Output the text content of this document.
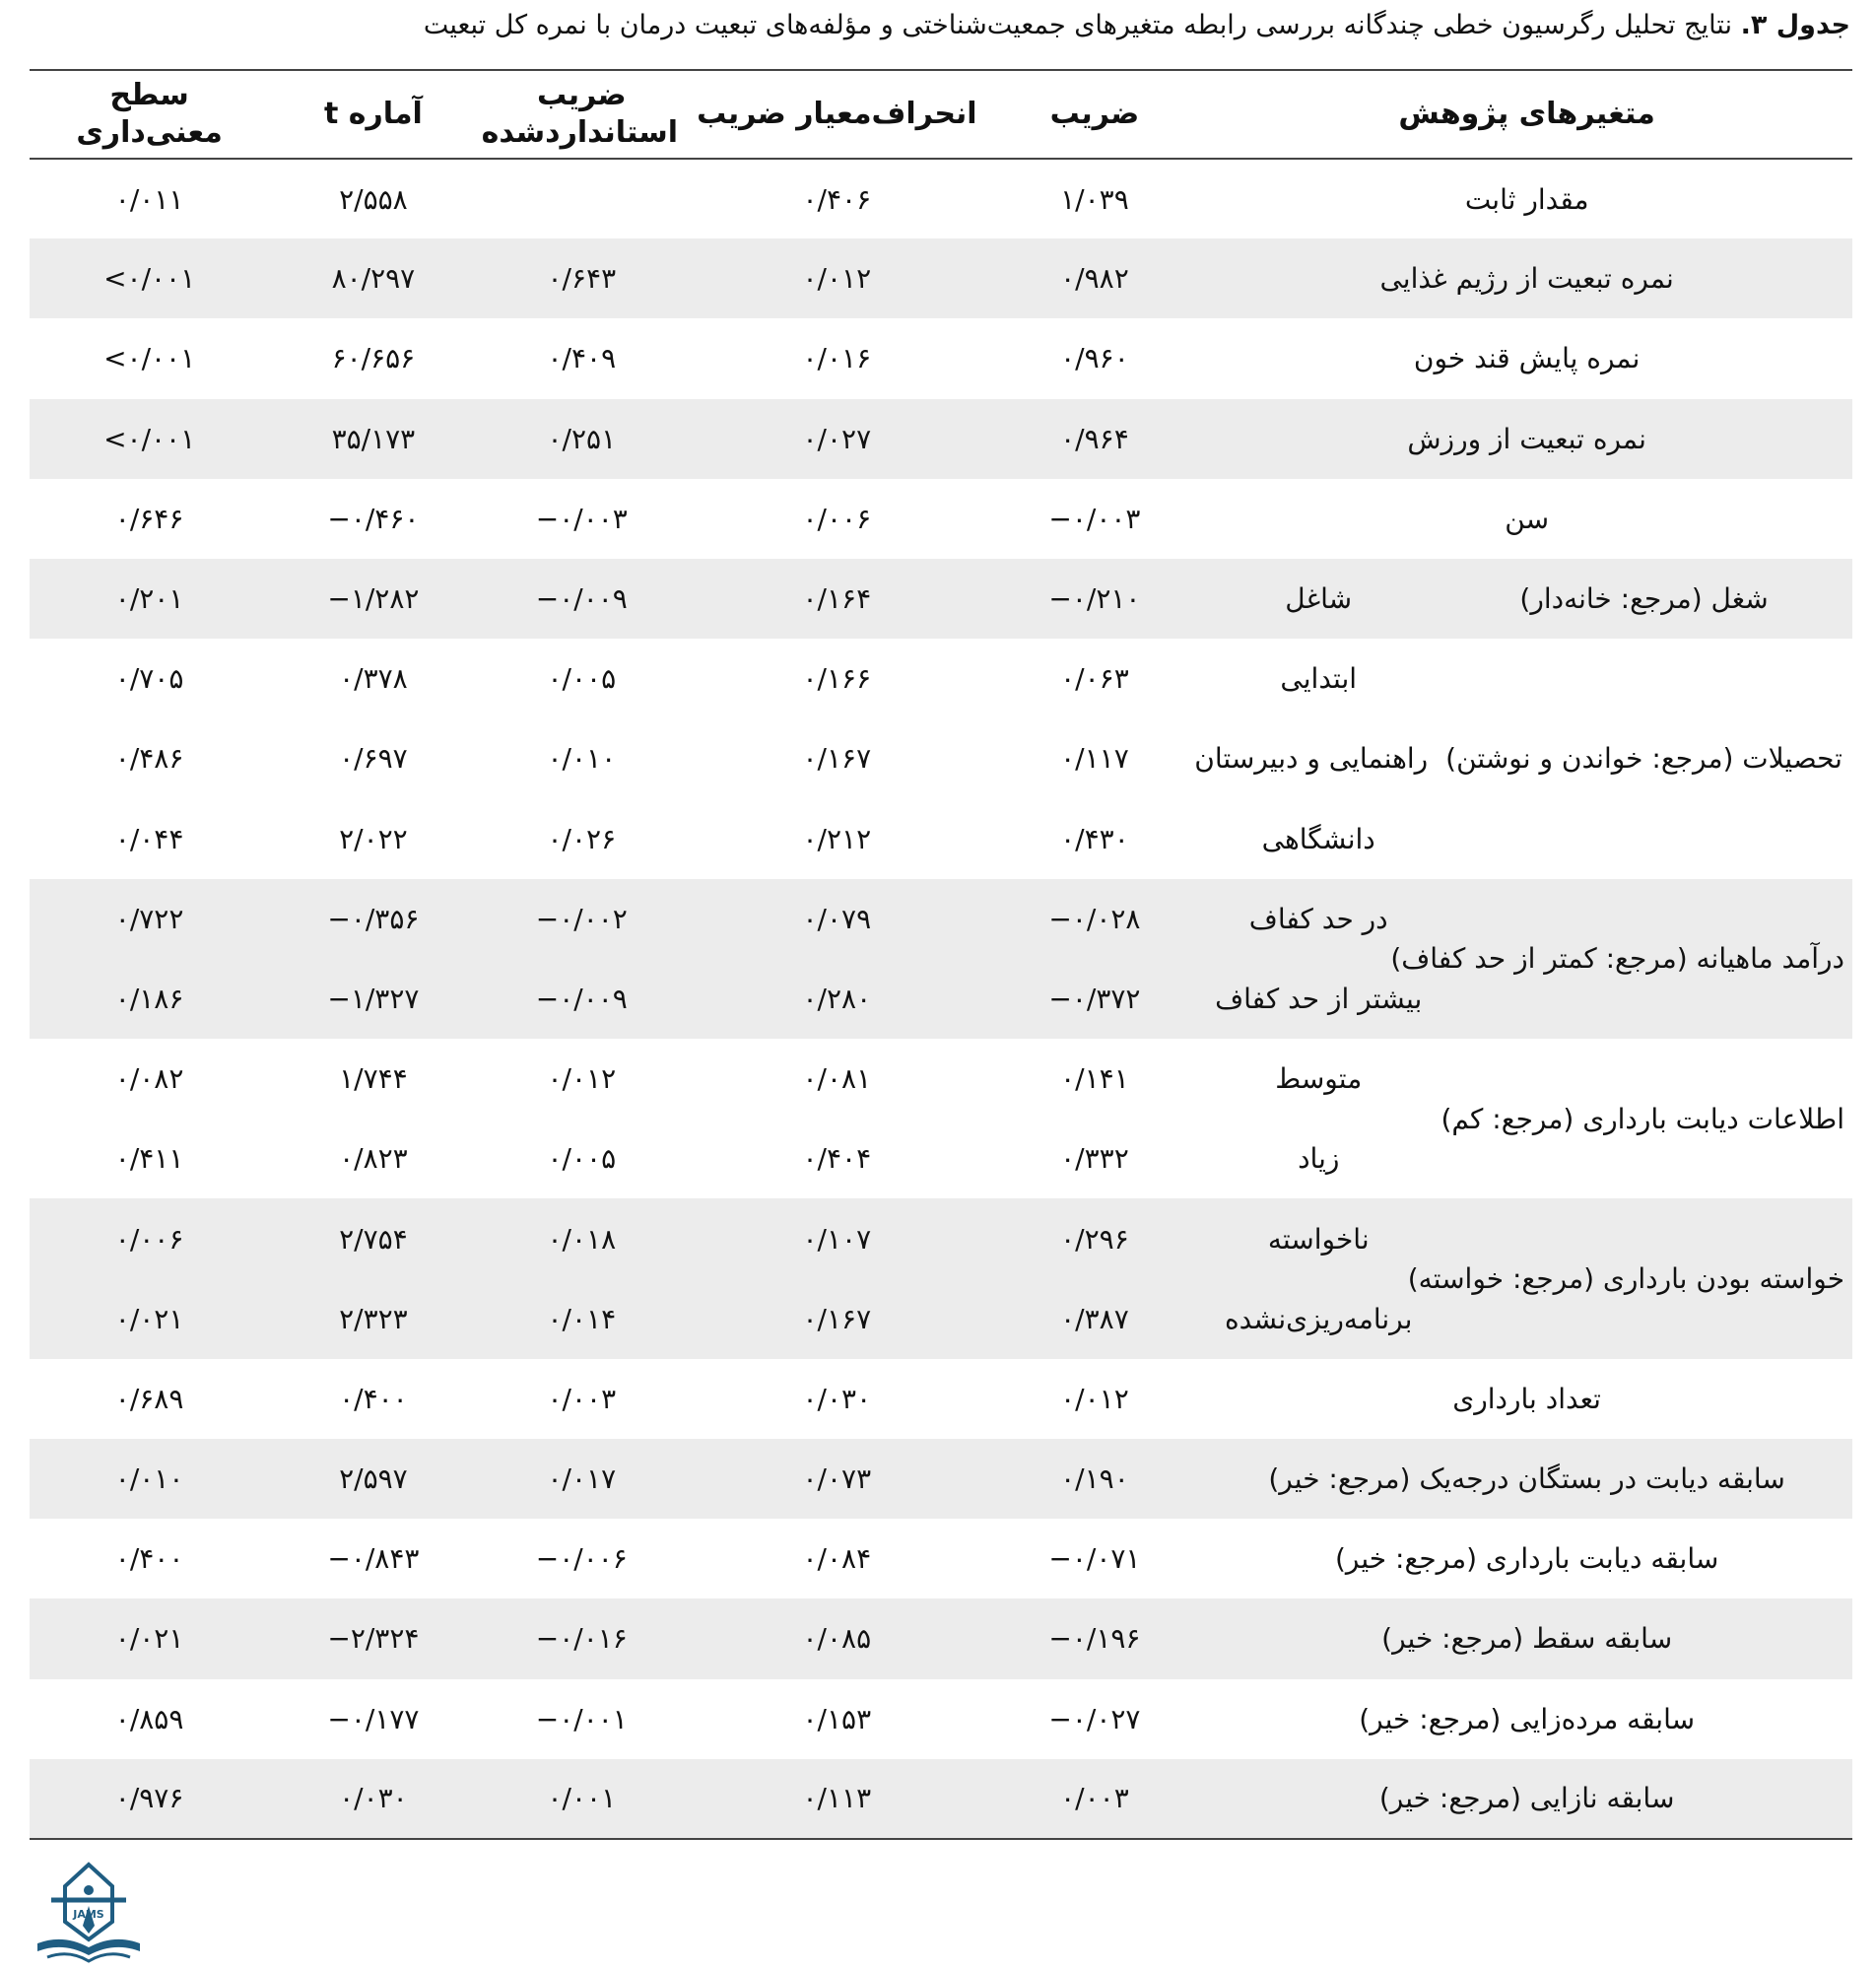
جدول ۳. نتایج تحلیل رگرسیون خطی چندگانه بررسی رابطه متغیرهای جمعیت‌شناختی و مؤلفه‌های تبعیت درمان با نمره کل تبعیت
متغیرهای پژوهش		ضریب	انحراف‌معیار ضریب	ضریب
استانداردشده	آماره t	سطح معنی‌داری
مقدار ثابت		۱/۰۳۹	۰/۴۰۶		۲/۵۵۸	۰/۰۱۱
نمره تبعیت از رژیم غذایی		۰/۹۸۲	۰/۰۱۲	۰/۶۴۳	۸۰/۲۹۷	<۰/۰۰۱
نمره پایش قند خون		۰/۹۶۰	۰/۰۱۶	۰/۴۰۹	۶۰/۶۵۶	<۰/۰۰۱
نمره تبعیت از ورزش		۰/۹۶۴	۰/۰۲۷	۰/۲۵۱	۳۵/۱۷۳	<۰/۰۰۱
سن		−۰/۰۰۳	۰/۰۰۶	−۰/۰۰۳	−۰/۴۶۰	۰/۶۴۶
شغل (مرجع: خانه‌دار)	شاغل	−۰/۲۱۰	۰/۱۶۴	−۰/۰۰۹	−۱/۲۸۲	۰/۲۰۱
تحصیلات (مرجع: خواندن و نوشتن)	ابتدایی	۰/۰۶۳	۰/۱۶۶	۰/۰۰۵	۰/۳۷۸	۰/۷۰۵
	راهنمایی و دبیرستان	۰/۱۱۷	۰/۱۶۷	۰/۰۱۰	۰/۶۹۷	۰/۴۸۶
	دانشگاهی	۰/۴۳۰	۰/۲۱۲	۰/۰۲۶	۲/۰۲۲	۰/۰۴۴
درآمد ماهیانه (مرجع: کمتر از حد کفاف)	در حد کفاف	−۰/۰۲۸	۰/۰۷۹	−۰/۰۰۲	−۰/۳۵۶	۰/۷۲۲
	بیشتر از حد کفاف	−۰/۳۷۲	۰/۲۸۰	−۰/۰۰۹	−۱/۳۲۷	۰/۱۸۶
اطلاعات دیابت بارداری (مرجع: کم)	متوسط	۰/۱۴۱	۰/۰۸۱	۰/۰۱۲	۱/۷۴۴	۰/۰۸۲
	زیاد	۰/۳۳۲	۰/۴۰۴	۰/۰۰۵	۰/۸۲۳	۰/۴۱۱
خواسته بودن بارداری (مرجع: خواسته)	ناخواسته	۰/۲۹۶	۰/۱۰۷	۰/۰۱۸	۲/۷۵۴	۰/۰۰۶
	برنامه‌ریزی‌نشده	۰/۳۸۷	۰/۱۶۷	۰/۰۱۴	۲/۳۲۳	۰/۰۲۱
تعداد بارداری		۰/۰۱۲	۰/۰۳۰	۰/۰۰۳	۰/۴۰۰	۰/۶۸۹
سابقه دیابت در بستگان درجه‌یک (مرجع: خیر)		۰/۱۹۰	۰/۰۷۳	۰/۰۱۷	۲/۵۹۷	۰/۰۱۰
سابقه دیابت بارداری (مرجع: خیر)		−۰/۰۷۱	۰/۰۸۴	−۰/۰۰۶	−۰/۸۴۳	۰/۴۰۰
سابقه سقط (مرجع: خیر)		−۰/۱۹۶	۰/۰۸۵	−۰/۰۱۶	−۲/۳۲۴	۰/۰۲۱
سابقه مرده‌زایی (مرجع: خیر)		−۰/۰۲۷	۰/۱۵۳	−۰/۰۰۱	−۰/۱۷۷	۰/۸۵۹
سابقه نازایی (مرجع: خیر)		۰/۰۰۳	۰/۱۱۳	۰/۰۰۱	۰/۰۳۰	۰/۹۷۶
JAMS
